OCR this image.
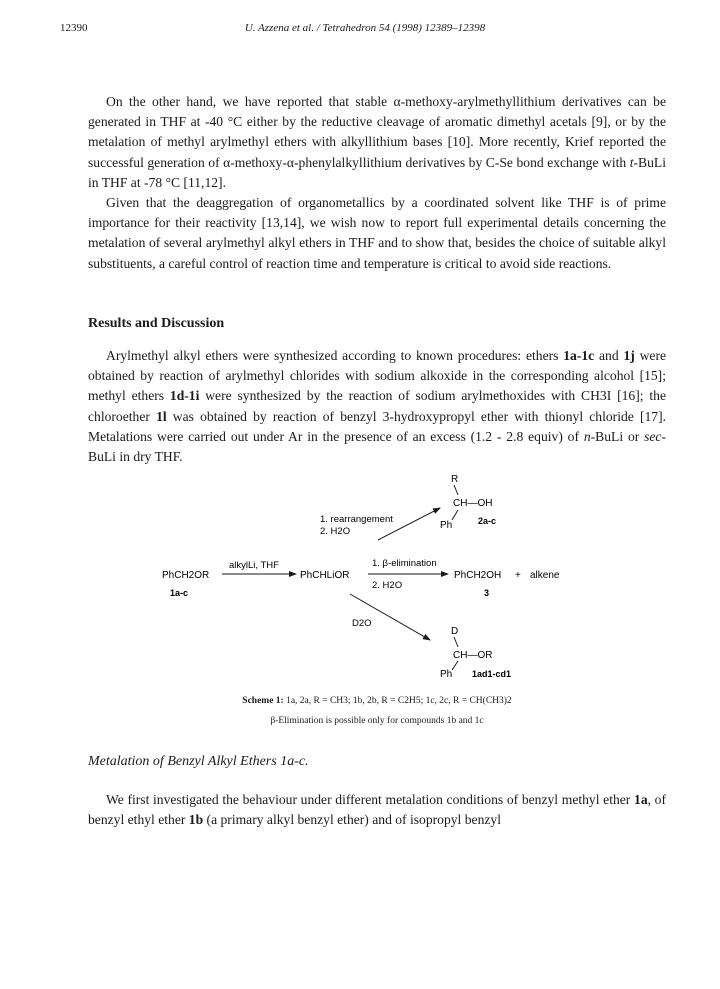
12390	U. Azzena et al. / Tetrahedron 54 (1998) 12389–12398

On the other hand, we have reported that stable α-methoxy-arylmethyllithium derivatives can be generated in THF at -40 °C either by the reductive cleavage of aromatic dimethyl acetals [9], or by the metalation of methyl arylmethyl ethers with alkyllithium bases [10]. More recently, Krief reported the successful generation of α-methoxy-α-phenylalkyllithium derivatives by C-Se bond exchange with t-BuLi in THF at -78 °C [11,12].

Given that the deaggregation of organometallics by a coordinated solvent like THF is of prime importance for their reactivity [13,14], we wish now to report full experimental details concerning the metalation of several arylmethyl alkyl ethers in THF and to show that, besides the choice of suitable alkyl substituents, a careful control of reaction time and temperature is critical to avoid side reactions.

Results and Discussion

Arylmethyl alkyl ethers were synthesized according to known procedures: ethers 1a-1c and 1j were obtained by reaction of arylmethyl chlorides with sodium alkoxide in the corresponding alcohol [15]; methyl ethers 1d-1i were synthesized by the reaction of sodium arylmethoxides with CH3I [16]; the chloroether 1l was obtained by reaction of benzyl 3-hydroxypropyl ether with thionyl chloride [17]. Metalations were carried out under Ar in the presence of an excess (1.2 - 2.8 equiv) of n-BuLi or sec-BuLi in dry THF.

R
CH—OH
Ph	2a-c
1. rearrangement
2. H2O
PhCH2OR
1a-c
alkylLi, THF
PhCHLiOR
1. β-elimination
2. H2O
PhCH2OH + alkene
3
D2O
D
CH—OR
Ph 1ad1-cd1
Scheme 1: 1a, 2a, R = CH3; 1b, 2b, R = C2H5; 1c, 2c, R = CH(CH3)2
β-Elimination is possible only for compounds 1b and 1c
Metalation of Benzyl Alkyl Ethers 1a-c.

We first investigated the behaviour under different metalation conditions of benzyl methyl ether 1a, of benzyl ethyl ether 1b (a primary alkyl benzyl ether) and of isopropyl benzyl
